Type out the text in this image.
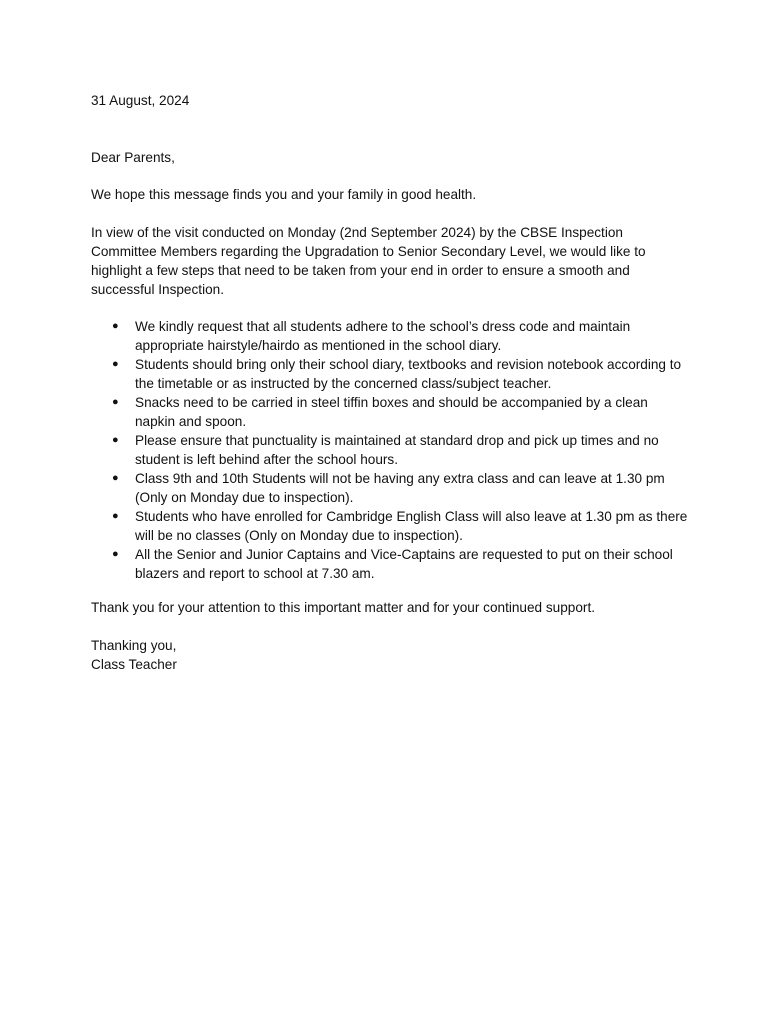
31 August, 2024

Dear Parents,

We hope this message finds you and your family in good health.

In view of the visit conducted on Monday (2nd September 2024) by the CBSE Inspection Committee Members regarding the Upgradation to Senior Secondary Level, we would like to highlight a few steps that need to be taken from your end in order to ensure a smooth and successful Inspection.

● We kindly request that all students adhere to the school’s dress code and maintain appropriate hairstyle/hairdo as mentioned in the school diary.
● Students should bring only their school diary, textbooks and revision notebook according to the timetable or as instructed by the concerned class/subject teacher.
● Snacks need to be carried in steel tiffin boxes and should be accompanied by a clean napkin and spoon.
● Please ensure that punctuality is maintained at standard drop and pick up times and no student is left behind after the school hours.
● Class 9th and 10th Students will not be having any extra class and can leave at 1.30 pm (Only on Monday due to inspection).
● Students who have enrolled for Cambridge English Class will also leave at 1.30 pm as there will be no classes (Only on Monday due to inspection).
● All the Senior and Junior Captains and Vice-Captains are requested to put on their school blazers and report to school at 7.30 am.

Thank you for your attention to this important matter and for your continued support.

Thanking you,
Class Teacher
